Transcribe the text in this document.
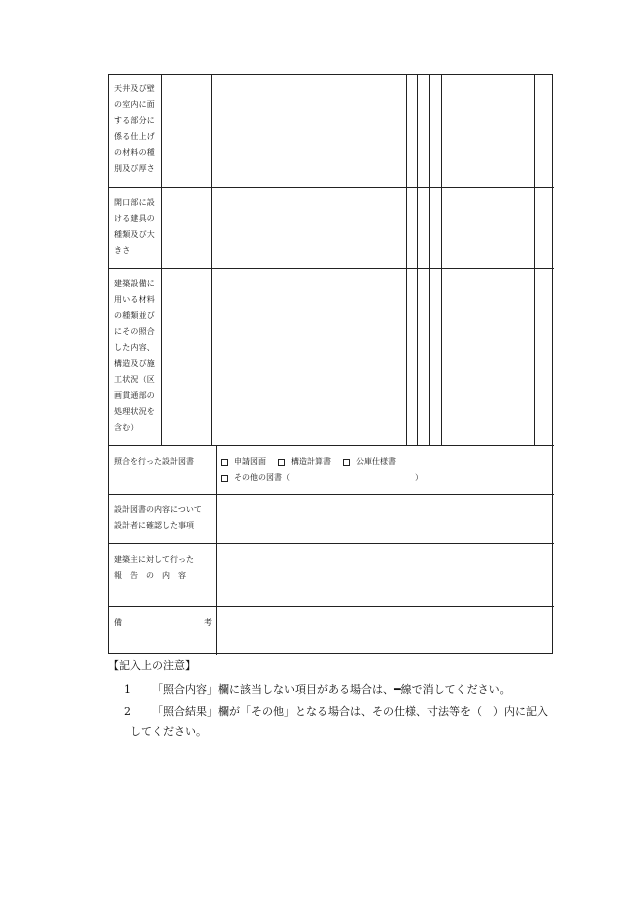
天井及び壁
の室内に面
する部分に
係る仕上げ
の材料の種
別及び厚さ
開口部に設
ける建具の
種類及び大
きさ
建築設備に
用いる材料
の種類並び
にその照合
した内容、
構造及び施
工状況（区
画貫通部の
処理状況を
含む）
照合を行った設計図書	申請図面	構造計算書	公庫仕様書
その他の図書（	）
設計図書の内容について
設計者に確認した事項
建築主に対して行った
報　告　の　内　容
備	考
【記入上の注意】
1 「照合内容」欄に該当しない項目がある場合は、━線で消してください。
2 「照合結果」欄が「その他」となる場合は、その仕様、寸法等を（　）内に記入
してください。
